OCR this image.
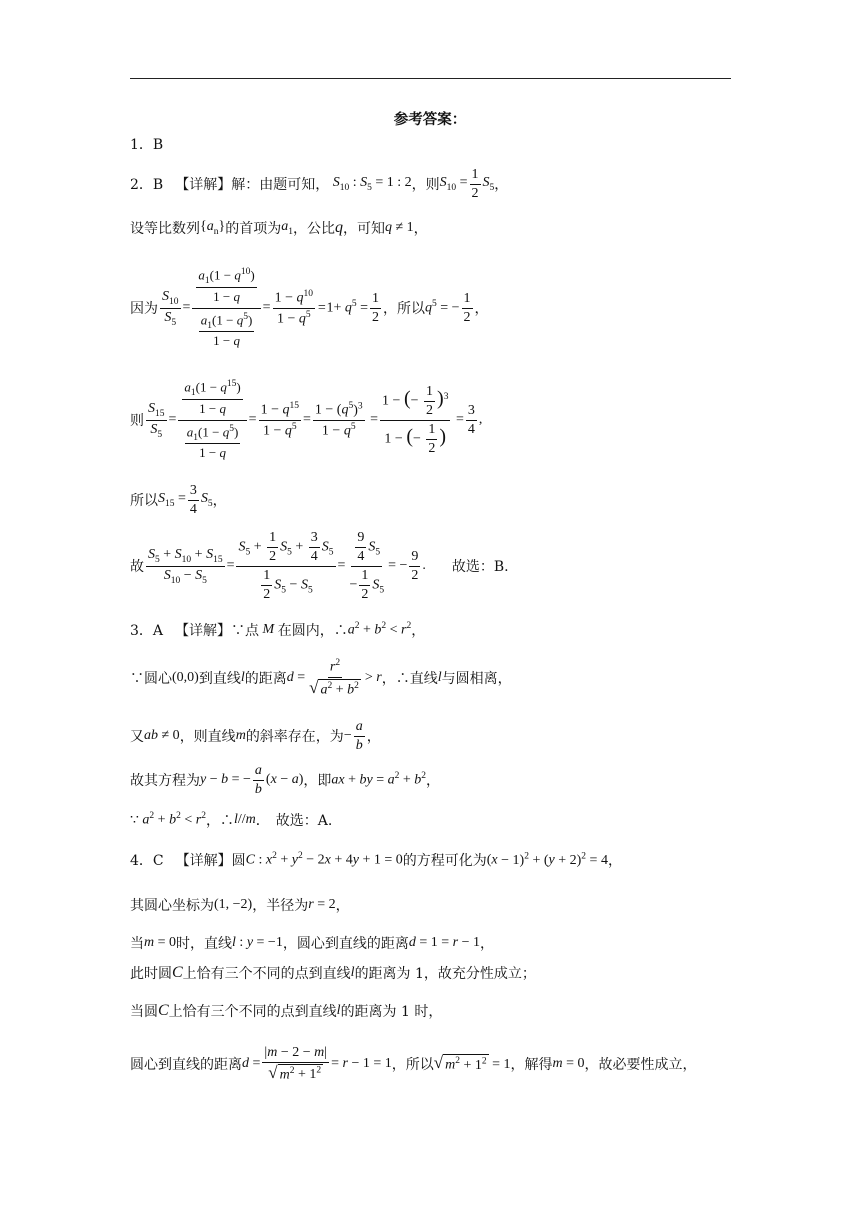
参考答案：
1．B
2．B 【详解】 解：由题可知， $S_{10}$ : $S_5 = 1$ : 2 ，则 $S_{10} = \frac{1}{2} S_5$ ，
设等比数列 $\{a_n\}$ 的首项为 $a_1$ ，公比 q ，可知 q ≠ 1 ，
因为 $\frac{S_{10}}{S_5} = \frac{\frac{a_1(1 - q^{10})}{1 - q}}{\frac{a_1(1 - q^5)}{1 - q}} = \frac{1 - q^{10}}{1 - q^5} =1+ q^5 = \frac{1}{2}$ ，所以 $q^5$ = − $\frac{1}{2}$ ，
则 $\frac{S_{15}}{S_5} = \frac{\frac{a_1(1 - q^{15})}{1 - q}}{\frac{a_1(1 - q^5)}{1 - q}} = \frac{1 - q^{15}}{1 - q^5} = \frac{1 - (q^5)^3}{1 - q^5} = \frac{1 - (- \frac{1}{2} )^3}{1 - (- \frac{1}{2} )} = \frac{3}{4}$ ,
所以 $S_{15} = \frac{3}{4} S_5$ ，
故 $\frac{S_5 + S_{10} + S_{15}}{S_{10} - S_5} = \frac{S_5 + \frac{1}{2} S_5 + \frac{3}{4} S_5}{\frac{1}{2} S_5 - S_5} = \frac{\frac{9}{4} S_5}{- \frac{1}{2} S_5}$ = − $\frac{9}{2}$ . 故选：B.
3．A 【详解】 ∵点 M 在圆内，∴ $a^2 + b^2 < r^2$ ，
∵圆心 (0,0) 到直线 l 的距离 $d = \frac{r^2}{√ a^2 + b^2} > r$ ，∴直线 l 与圆相离，
又 ab ≠ 0 ，则直线 m 的斜率存在，为 − $\frac{a}{b}$ ，
故其方程为 y − b = − $\frac{a}{b} (x - a)$ ，即 ax + by = $a^2 + b^2$ ，
∵ $a^2 + b^2 < r^2$ ，∴ l//m ． 故选：A.
4．C 【详解】 圆 C : $x^2 + y^2 - 2x + 4y + 1 = 0$ 的方程可化为 $(x - 1)^2 + (y + 2)^2 = 4$ ，
其圆心坐标为 (1, −2) ，半径为 r = 2 ，
当 m = 0 时，直线 l : y = −1 ，圆心到直线的距离 d = 1 = r − 1 ，
此时圆 C 上恰有三个不同的点到直线 l 的距离为 1，故充分性成立；
当圆 C 上恰有三个不同的点到直线 l 的距离为 1 时，
圆心到直线的距离 $d = \frac{|m - 2 - m|}{√ m^2 + 1^2} = r - 1 = 1$ ，所以 √ $m^2 + 1^2 = 1$ ，解得 m = 0 ，故必要性成立，
